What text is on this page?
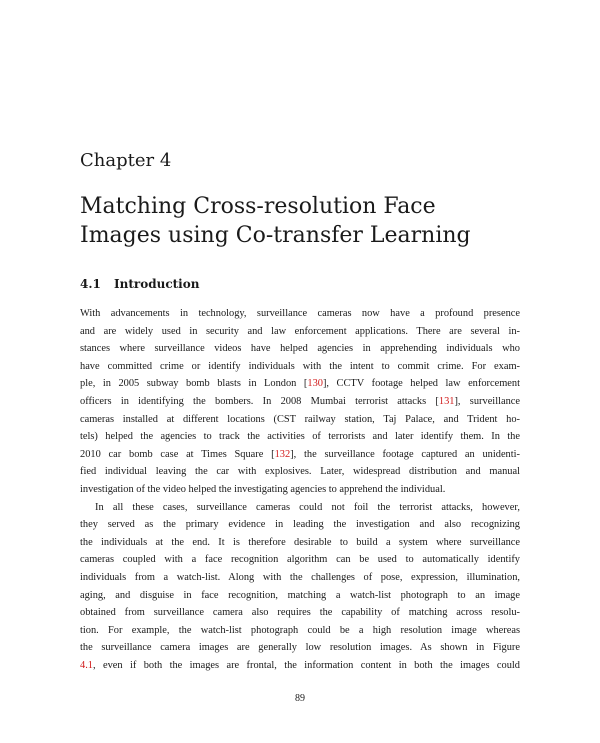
Chapter 4
Matching Cross-resolution Face
Images using Co-transfer Learning
4.1 Introduction
With advancements in technology, surveillance cameras now have a profound presence
and are widely used in security and law enforcement applications. There are several in-
stances where surveillance videos have helped agencies in apprehending individuals who
have committed crime or identify individuals with the intent to commit crime. For exam-
ple, in 2005 subway bomb blasts in London [130], CCTV footage helped law enforcement
officers in identifying the bombers. In 2008 Mumbai terrorist attacks [131], surveillance
cameras installed at different locations (CST railway station, Taj Palace, and Trident ho-
tels) helped the agencies to track the activities of terrorists and later identify them. In the
2010 car bomb case at Times Square [132], the surveillance footage captured an unidenti-
fied individual leaving the car with explosives. Later, widespread distribution and manual
investigation of the video helped the investigating agencies to apprehend the individual.
In all these cases, surveillance cameras could not foil the terrorist attacks, however,
they served as the primary evidence in leading the investigation and also recognizing
the individuals at the end. It is therefore desirable to build a system where surveillance
cameras coupled with a face recognition algorithm can be used to automatically identify
individuals from a watch-list. Along with the challenges of pose, expression, illumination,
aging, and disguise in face recognition, matching a watch-list photograph to an image
obtained from surveillance camera also requires the capability of matching across resolu-
tion. For example, the watch-list photograph could be a high resolution image whereas
the surveillance camera images are generally low resolution images. As shown in Figure
4.1, even if both the images are frontal, the information content in both the images could
89
